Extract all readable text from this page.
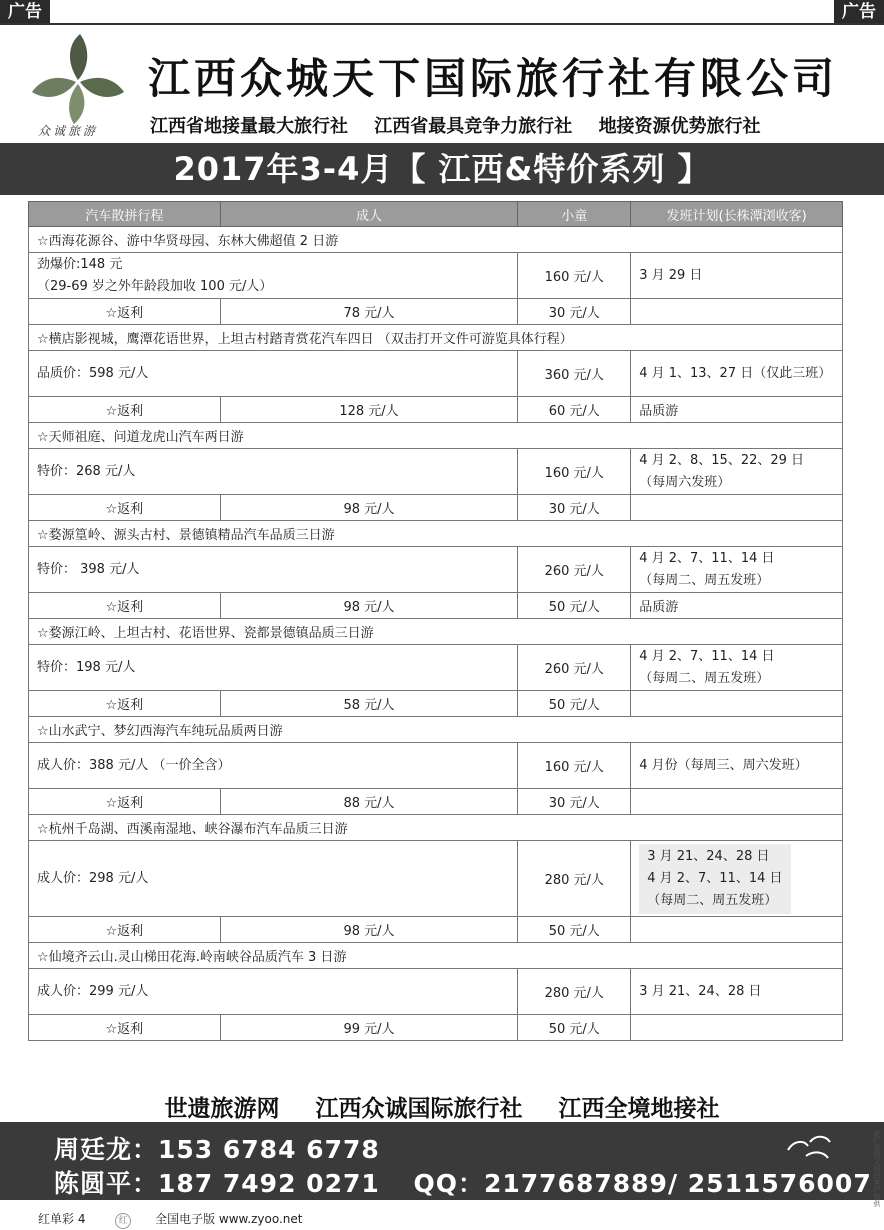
广告	广告
众诚旅游
江西众城天下国际旅行社有限公司
江西省地接量最大旅行社 江西省最具竞争力旅行社 地接资源优势旅行社
2017年3-4月【 江西&特价系列 】
汽车散拼行程	成人	小童	发班计划(长株潭浏收客)
☆西海花源谷、游中华贤母园、东林大佛超值 2 日游			

劲爆价:148 元
（29-69 岁之外年龄段加收 100 元/人）		160 元/人	3 月 29 日

☆返利	78 元/人	30 元/人	
☆横店影视城，鹰潭花语世界，上坦古村踏青赏花汽车四日 （双击打开文件可游览具体行程）			

品质价：598 元/人		360 元/人	4 月 1、13、27 日（仅此三班）

☆返利	128 元/人	60 元/人	品质游
☆天师祖庭、问道龙虎山汽车两日游			

特价：268 元/人		160 元/人	4 月 2、8、15、22、29 日
（每周六发班）

☆返利	98 元/人	30 元/人	
☆婺源篁岭、源头古村、景德镇精品汽车品质三日游			

特价： 398 元/人		260 元/人	4 月 2、7、11、14 日
（每周二、周五发班）

☆返利	98 元/人	50 元/人	品质游
☆婺源江岭、上坦古村、花语世界、瓷都景德镇品质三日游			

特价：198 元/人		260 元/人	4 月 2、7、11、14 日
（每周二、周五发班）

☆返利	58 元/人	50 元/人	
☆山水武宁、梦幻西海汽车纯玩品质两日游			

成人价：388 元/人 （一价全含）		160 元/人	4 月份（每周三、周六发班）

☆返利	88 元/人	30 元/人	
☆杭州千岛湖、西溪南湿地、峡谷瀑布汽车品质三日游			

成人价：298 元/人		280 元/人	3 月 21、24、28 日
4 月 2、7、11、14 日
（每周二、周五发班）

☆返利	98 元/人	50 元/人	
☆仙境齐云山.灵山梯田花海.岭南峡谷品质汽车 3 日游			

成人价：299 元/人		280 元/人	3 月 21、24、28 日

☆返利	99 元/人	50 元/人	
世遗旅游网 江西众诚国际旅行社 江西全境地接社
周廷龙：153 6784 6778
陈圆平：187 7492 0271 QQ：2177687889/ 2511576007
红单彩 4	红 全国电子版 www.zyoo.net
此广告图文均由客户提供
